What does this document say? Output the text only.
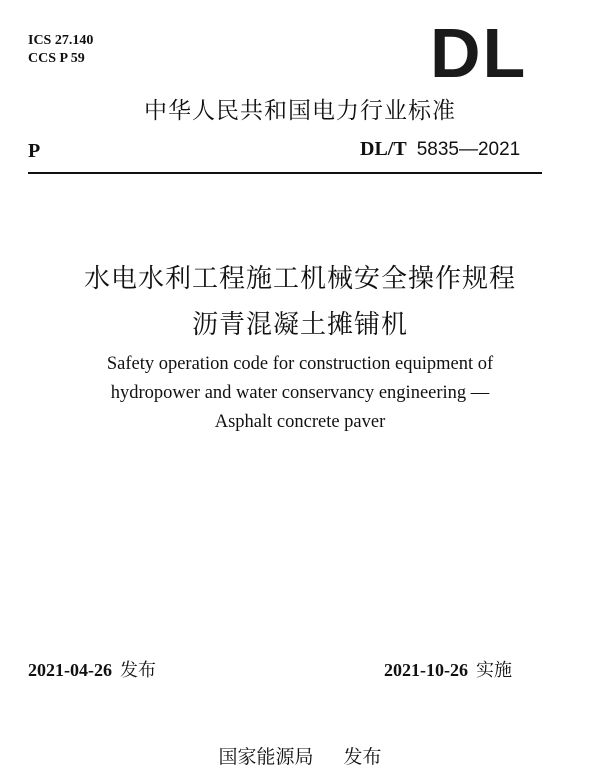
ICS 27.140
CCS P 59	DL
中华人民共和国电力行业标准
P	DL/T 5835—2021
水电水利工程施工机械安全操作规程
沥青混凝土摊铺机
Safety operation code for construction equipment of
hydropower and water conservancy engineering —
Asphalt concrete paver
2021-04-26 发布	2021-10-26 实施
国家能源局 发布
